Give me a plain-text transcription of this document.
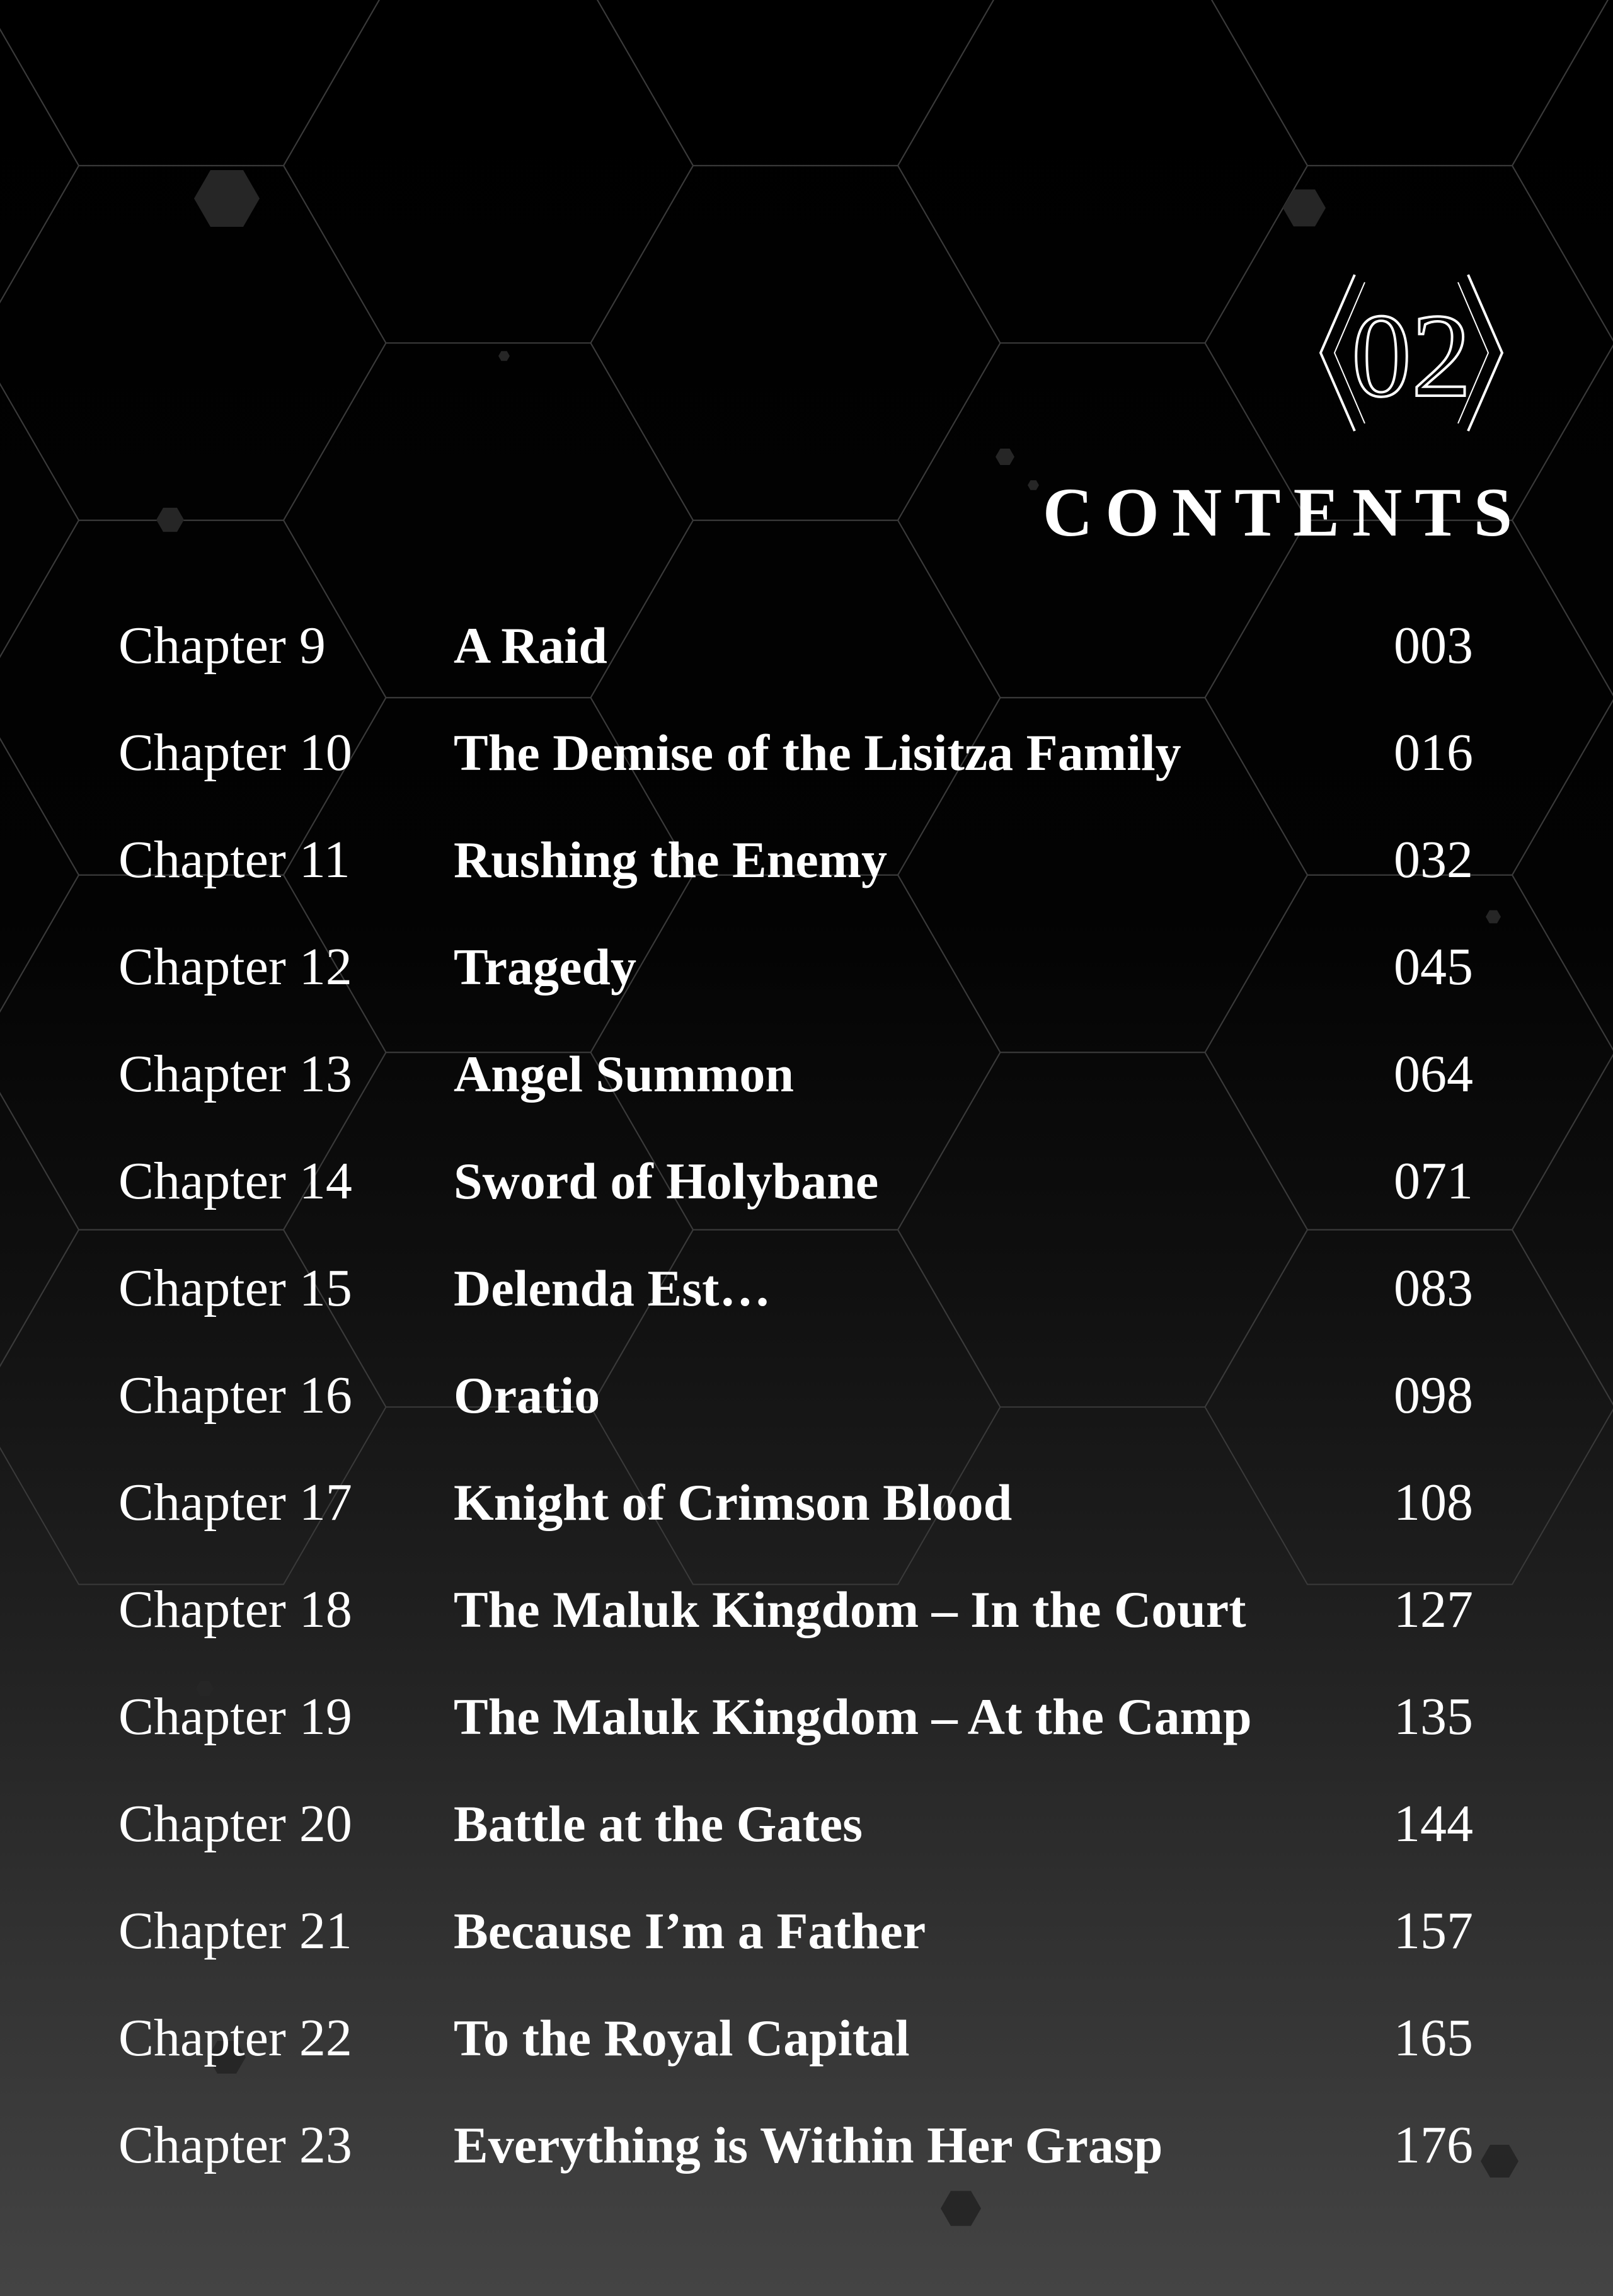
02
CONTENTS
Chapter 9 A Raid	003
Chapter 10 The Demise of the Lisitza Family	016
Chapter 11 Rushing the Enemy	032
Chapter 12 Tragedy	045
Chapter 13 Angel Summon	064
Chapter 14 Sword of Holybane	071
Chapter 15 Delenda Est…	083
Chapter 16 Oratio	098
Chapter 17 Knight of Crimson Blood	108
Chapter 18 The Maluk Kingdom – In the Court	127
Chapter 19 The Maluk Kingdom – At the Camp	135
Chapter 20 Battle at the Gates	144
Chapter 21 Because I’m a Father	157
Chapter 22 To the Royal Capital	165
Chapter 23 Everything is Within Her Grasp	176
